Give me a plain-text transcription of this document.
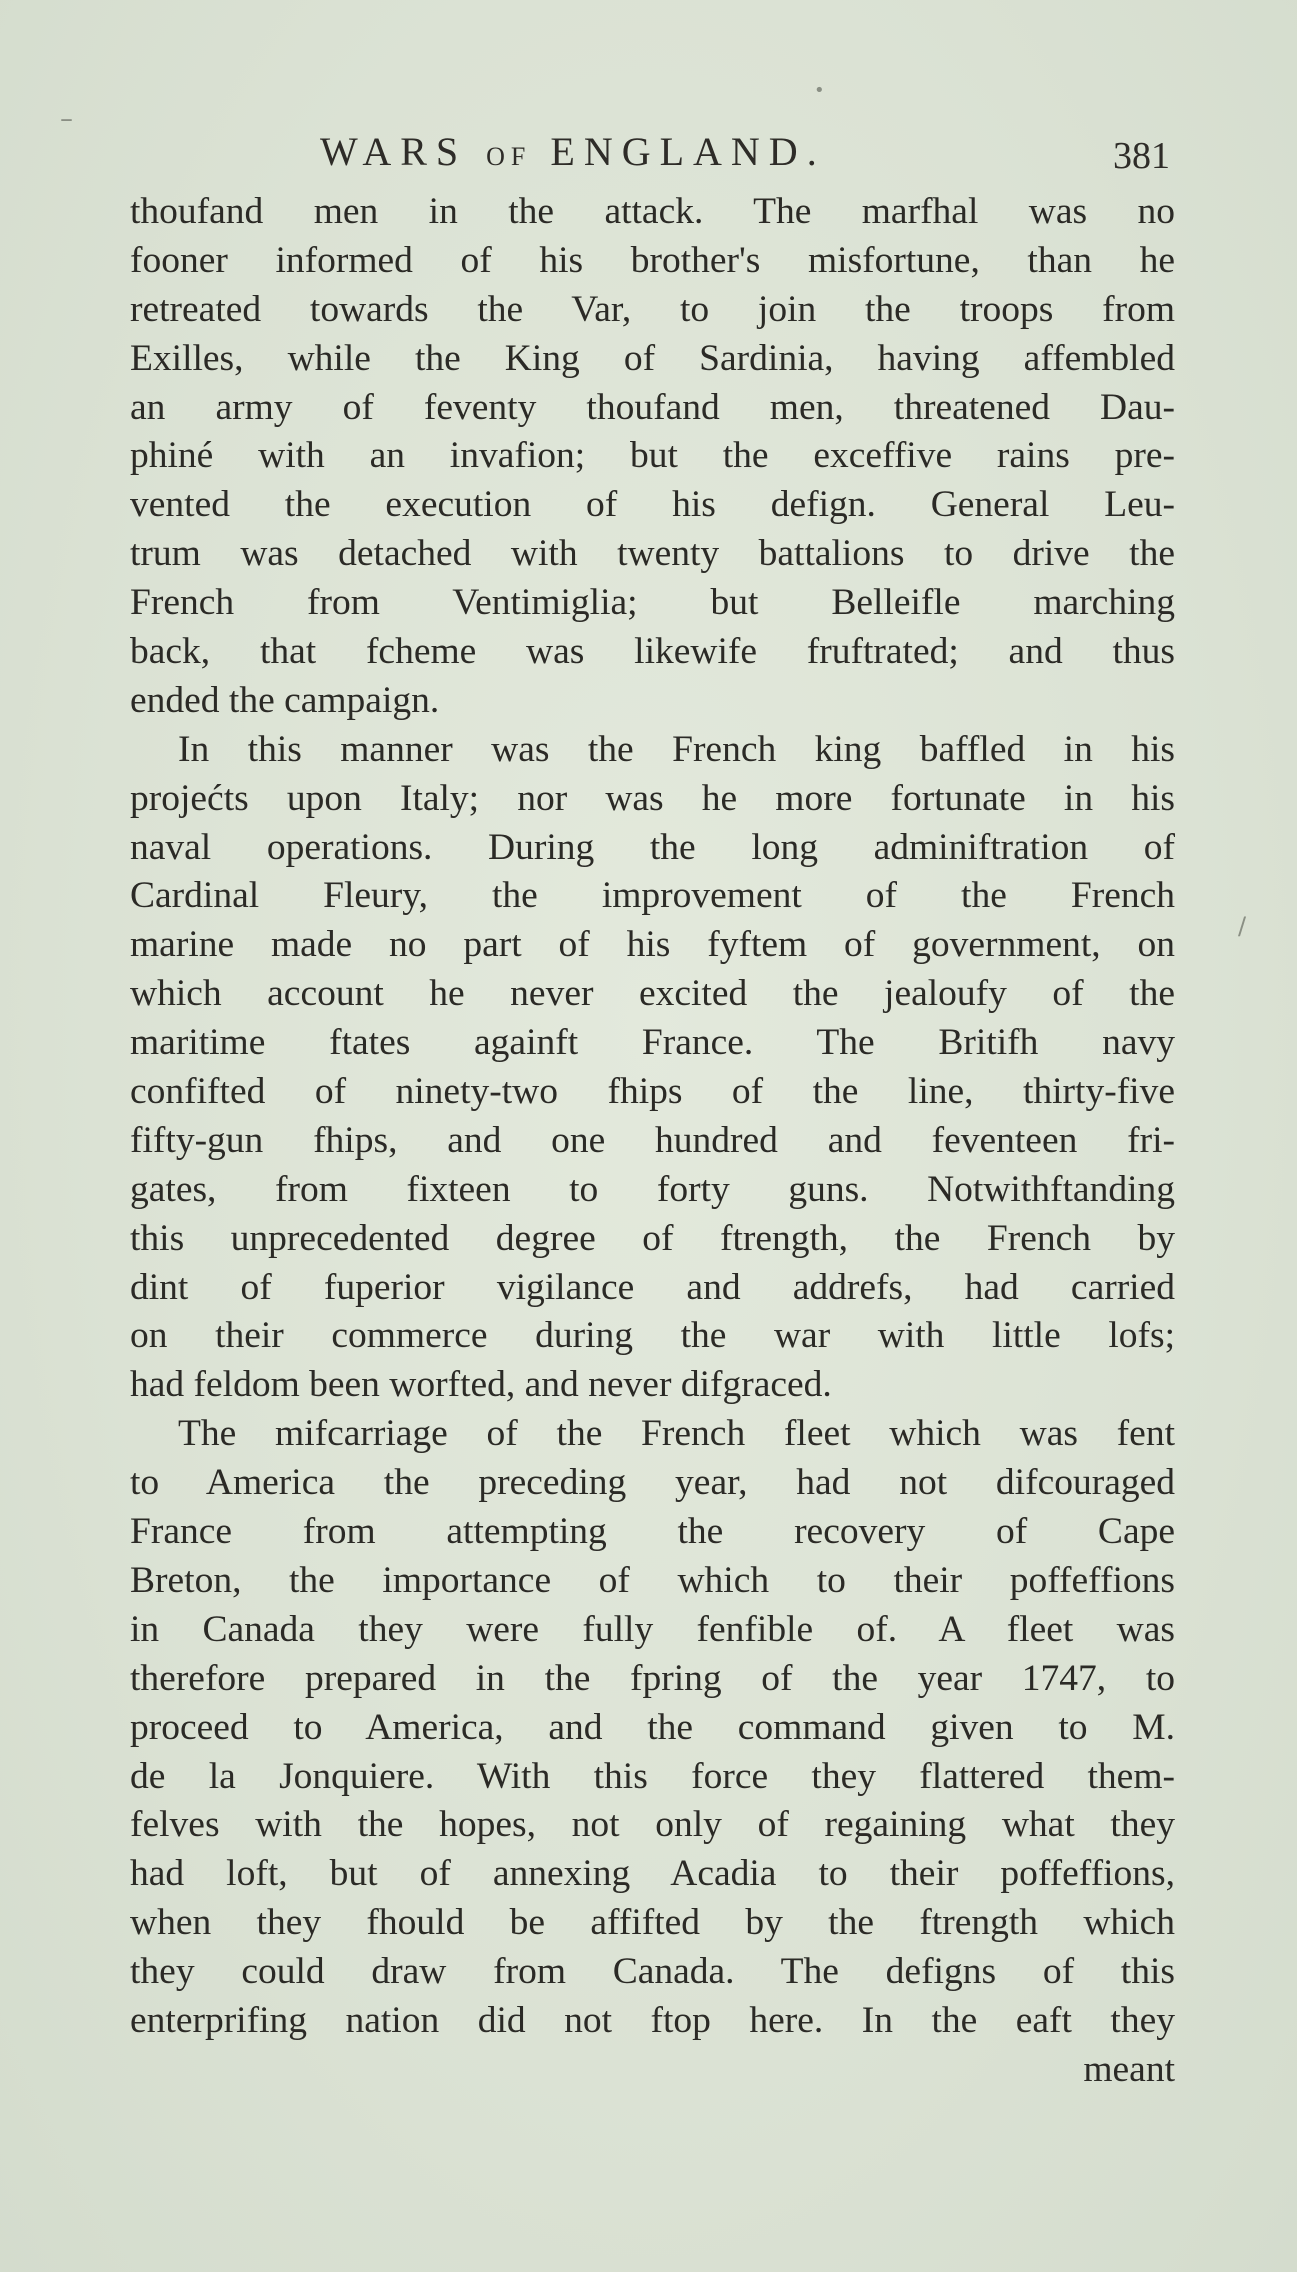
–
•
/
WARS OF ENGLAND.	381
thoufand men in the attack. The marfhal was no
fooner informed of his brother's misfortune, than he
retreated towards the Var, to join the troops from
Exilles, while the King of Sardinia, having affembled
an army of feventy thoufand men, threatened Dau-
phiné with an invafion; but the exceffive rains pre-
vented the execution of his defign. General Leu-
trum was detached with twenty battalions to drive the
French from Ventimiglia; but Belleifle marching
back, that fcheme was likewife fruftrated; and thus
ended the campaign.
In this manner was the French king baffled in his
projećts upon Italy; nor was he more fortunate in his
naval operations. During the long adminiftration of
Cardinal Fleury, the improvement of the French
marine made no part of his fyftem of government, on
which account he never excited the jealoufy of the
maritime ftates againft France. The Britifh navy
confifted of ninety-two fhips of the line, thirty-five
fifty-gun fhips, and one hundred and feventeen fri-
gates, from fixteen to forty guns. Notwithftanding
this unprecedented degree of ftrength, the French by
dint of fuperior vigilance and addrefs, had carried
on their commerce during the war with little lofs;
had feldom been worfted, and never difgraced.
The mifcarriage of the French fleet which was fent
to America the preceding year, had not difcouraged
France from attempting the recovery of Cape
Breton, the importance of which to their poffeffions
in Canada they were fully fenfible of. A fleet was
therefore prepared in the fpring of the year 1747, to
proceed to America, and the command given to M.
de la Jonquiere. With this force they flattered them-
felves with the hopes, not only of regaining what they
had loft, but of annexing Acadia to their poffeffions,
when they fhould be affifted by the ftrength which
they could draw from Canada. The defigns of this
enterprifing nation did not ftop here. In the eaft they
meant
